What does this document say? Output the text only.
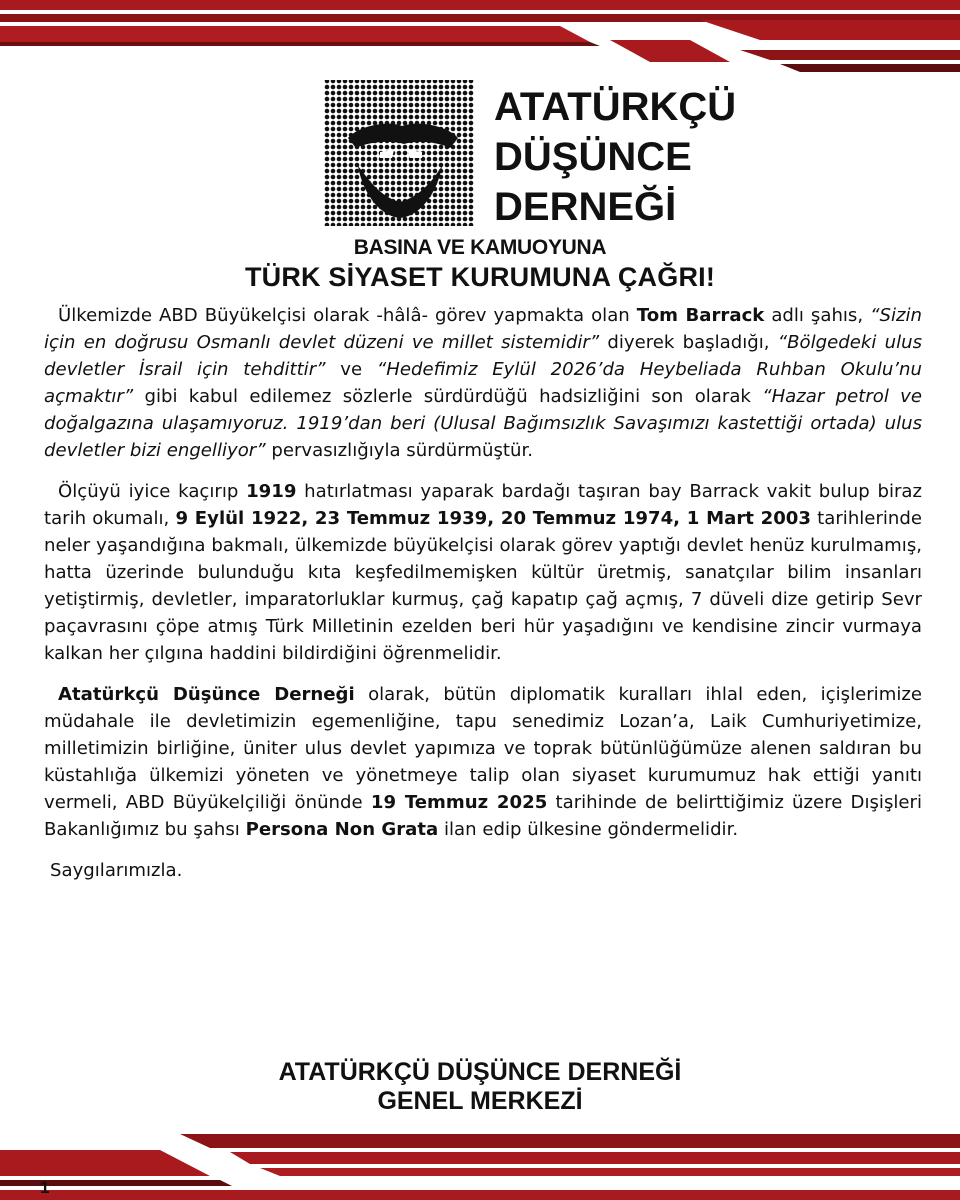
ATATÜRKÇÜ
DÜŞÜNCE
DERNEĞİ
BASINA VE KAMUOYUNA
TÜRK SİYASET KURUMUNA ÇAĞRI!

Ülkemizde ABD Büyükelçisi olarak -hâlâ- görev yapmakta olan Tom Barrack adlı şahıs, “Sizin için en doğrusu Osmanlı devlet düzeni ve millet sistemidir” diyerek başladığı, “Bölgedeki ulus devletler İsrail için tehdittir” ve “Hedefimiz Eylül 2026’da Heybeliada Ruhban Okulu’nu açmaktır” gibi kabul edilemez sözlerle sürdürdüğü hadsizliğini son olarak “Hazar petrol ve doğalgazına ulaşamıyoruz. 1919’dan beri (Ulusal Bağımsızlık Savaşımızı kastettiği ortada) ulus devletler bizi engelliyor” pervasızlığıyla sürdürmüştür.

Ölçüyü iyice kaçırıp 1919 hatırlatması yaparak bardağı taşıran bay Barrack vakit bulup biraz tarih okumalı, 9 Eylül 1922, 23 Temmuz 1939, 20 Temmuz 1974, 1 Mart 2003 tarihlerinde neler yaşandığına bakmalı, ülkemizde büyükelçisi olarak görev yaptığı devlet henüz kurulmamış, hatta üzerinde bulunduğu kıta keşfedilmemişken kültür üretmiş, sanatçılar bilim insanları yetiştirmiş, devletler, imparatorluklar kurmuş, çağ kapatıp çağ açmış, 7 düveli dize getirip Sevr paçavrasını çöpe atmış Türk Milletinin ezelden beri hür yaşadığını ve kendisine zincir vurmaya kalkan her çılgına haddini bildirdiğini öğrenmelidir.

Atatürkçü Düşünce Derneği olarak, bütün diplomatik kuralları ihlal eden, içişlerimize müdahale ile devletimizin egemenliğine, tapu senedimiz Lozan’a, Laik Cumhuriyetimize, milletimizin birliğine, üniter ulus devlet yapımıza ve toprak bütünlüğümüze alenen saldıran bu küstahlığa ülkemizi yöneten ve yönetmeye talip olan siyaset kurumumuz hak ettiği yanıtı vermeli, ABD Büyükelçiliği önünde 19 Temmuz 2025 tarihinde de belirttiğimiz üzere Dışişleri Bakanlığımız bu şahsı Persona Non Grata ilan edip ülkesine göndermelidir.

Saygılarımızla.

ATATÜRKÇÜ DÜŞÜNCE DERNEĞİ
GENEL MERKEZİ
1
